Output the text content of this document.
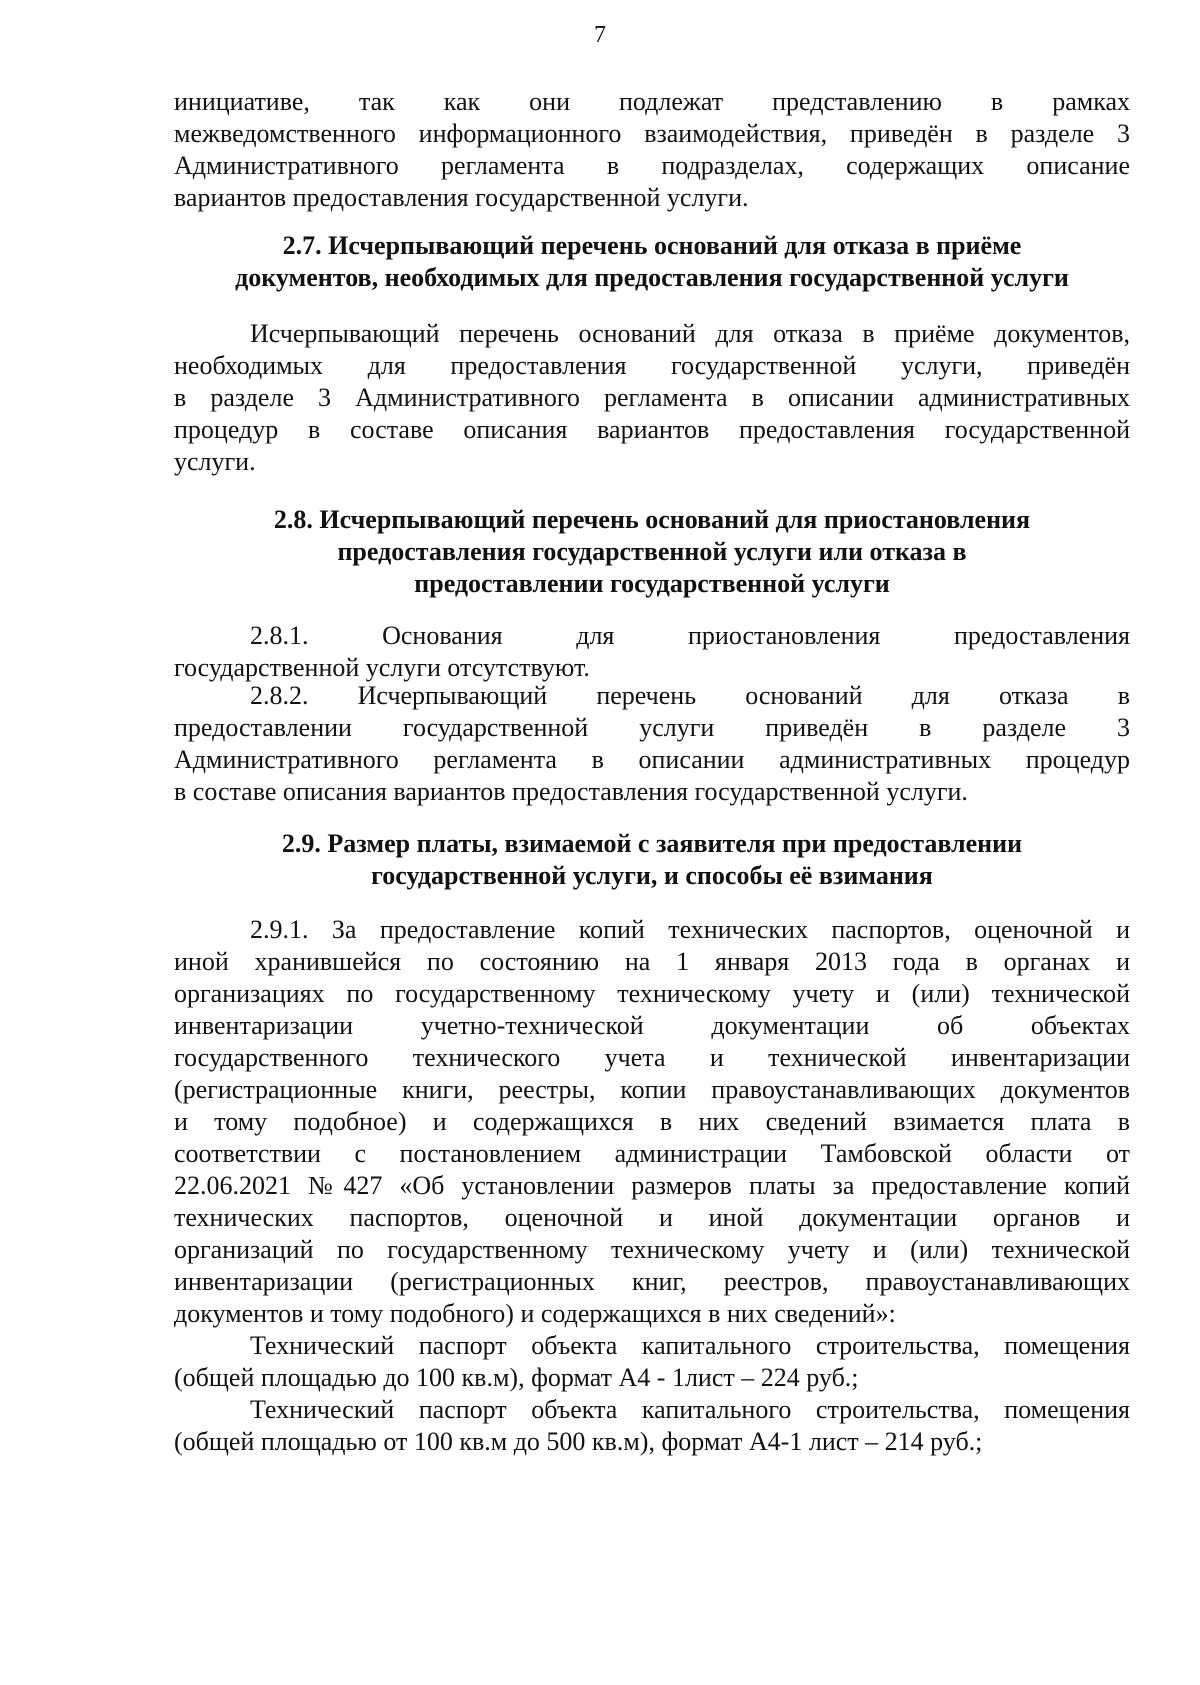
7
инициативе, так как они подлежат представлению в рамках
межведомственного информационного взаимодействия, приведён в разделе 3
Административного регламента в подразделах, содержащих описание
вариантов предоставления государственной услуги.
2.7. Исчерпывающий перечень оснований для отказа в приёме
документов, необходимых для предоставления государственной услуги
Исчерпывающий перечень оснований для отказа в приёме документов,
необходимых для предоставления государственной услуги, приведён
в разделе 3 Административного регламента в описании административных
процедур в составе описания вариантов предоставления государственной
услуги.
2.8. Исчерпывающий перечень оснований для приостановления
предоставления государственной услуги или отказа в
предоставлении государственной услуги
2.8.1. Основания для приостановления предоставления
государственной услуги отсутствуют.
2.8.2. Исчерпывающий перечень оснований для отказа в
предоставлении государственной услуги приведён в разделе 3
Административного регламента в описании административных процедур
в составе описания вариантов предоставления государственной услуги.
2.9. Размер платы, взимаемой с заявителя при предоставлении
государственной услуги, и способы её взимания
2.9.1. За предоставление копий технических паспортов, оценочной и
иной хранившейся по состоянию на 1 января 2013 года в органах и
организациях по государственному техническому учету и (или) технической
инвентаризации учетно-технической документации об объектах
государственного технического учета и технической инвентаризации
(регистрационные книги, реестры, копии правоустанавливающих документов
и тому подобное) и содержащихся в них сведений взимается плата в
соответствии с постановлением администрации Тамбовской области от
22.06.2021 №427 «Об установлении размеров платы за предоставление копий
технических паспортов, оценочной и иной документации органов и
организаций по государственному техническому учету и (или) технической
инвентаризации (регистрационных книг, реестров, правоустанавливающих
документов и тому подобного) и содержащихся в них сведений»:
Технический паспорт объекта капитального строительства, помещения
(общей площадью до 100 кв.м), формат А4 - 1лист – 224 руб.;
Технический паспорт объекта капитального строительства, помещения
(общей площадью от 100 кв.м до 500 кв.м), формат А4-1 лист – 214 руб.;
